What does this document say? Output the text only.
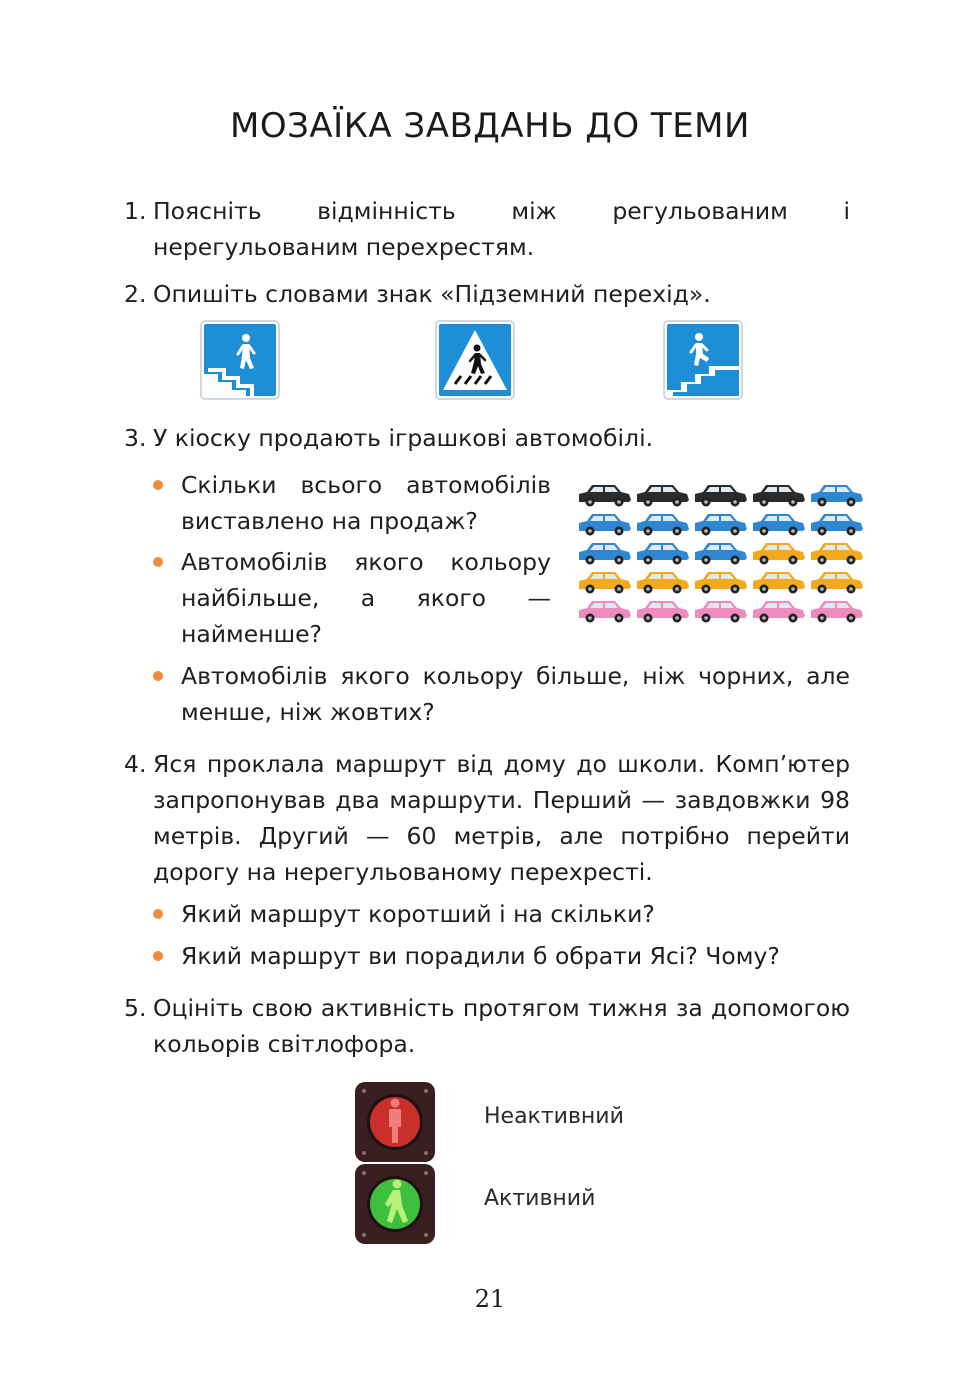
МОЗАЇКА ЗАВДАНЬ ДО ТЕМИ
1. Поясніть відмінність між регульованим і нерегульованим перехрестям.
2. Опишіть словами знак «Підземний перехід».
3. У кіоску продають іграшкові автомобілі.
Скільки всього автомобілів виставлено на продаж?
Автомобілів якого кольору найбільше, а якого — найменше?
Автомобілів якого кольору більше, ніж чорних, але менше, ніж жовтих?
4. Яся проклала маршрут від дому до школи. Комп’ютер запропонував два маршрути. Перший — завдовжки 98 метрів. Другий — 60 метрів, але потрібно перейти дорогу на нерегульованому перехресті.
Який маршрут коротший і на скільки?
Який маршрут ви порадили б обрати Ясі? Чому?
5. Оцініть свою активність протягом тижня за допомогою кольорів світлофора.
Неактивний
Активний
21
